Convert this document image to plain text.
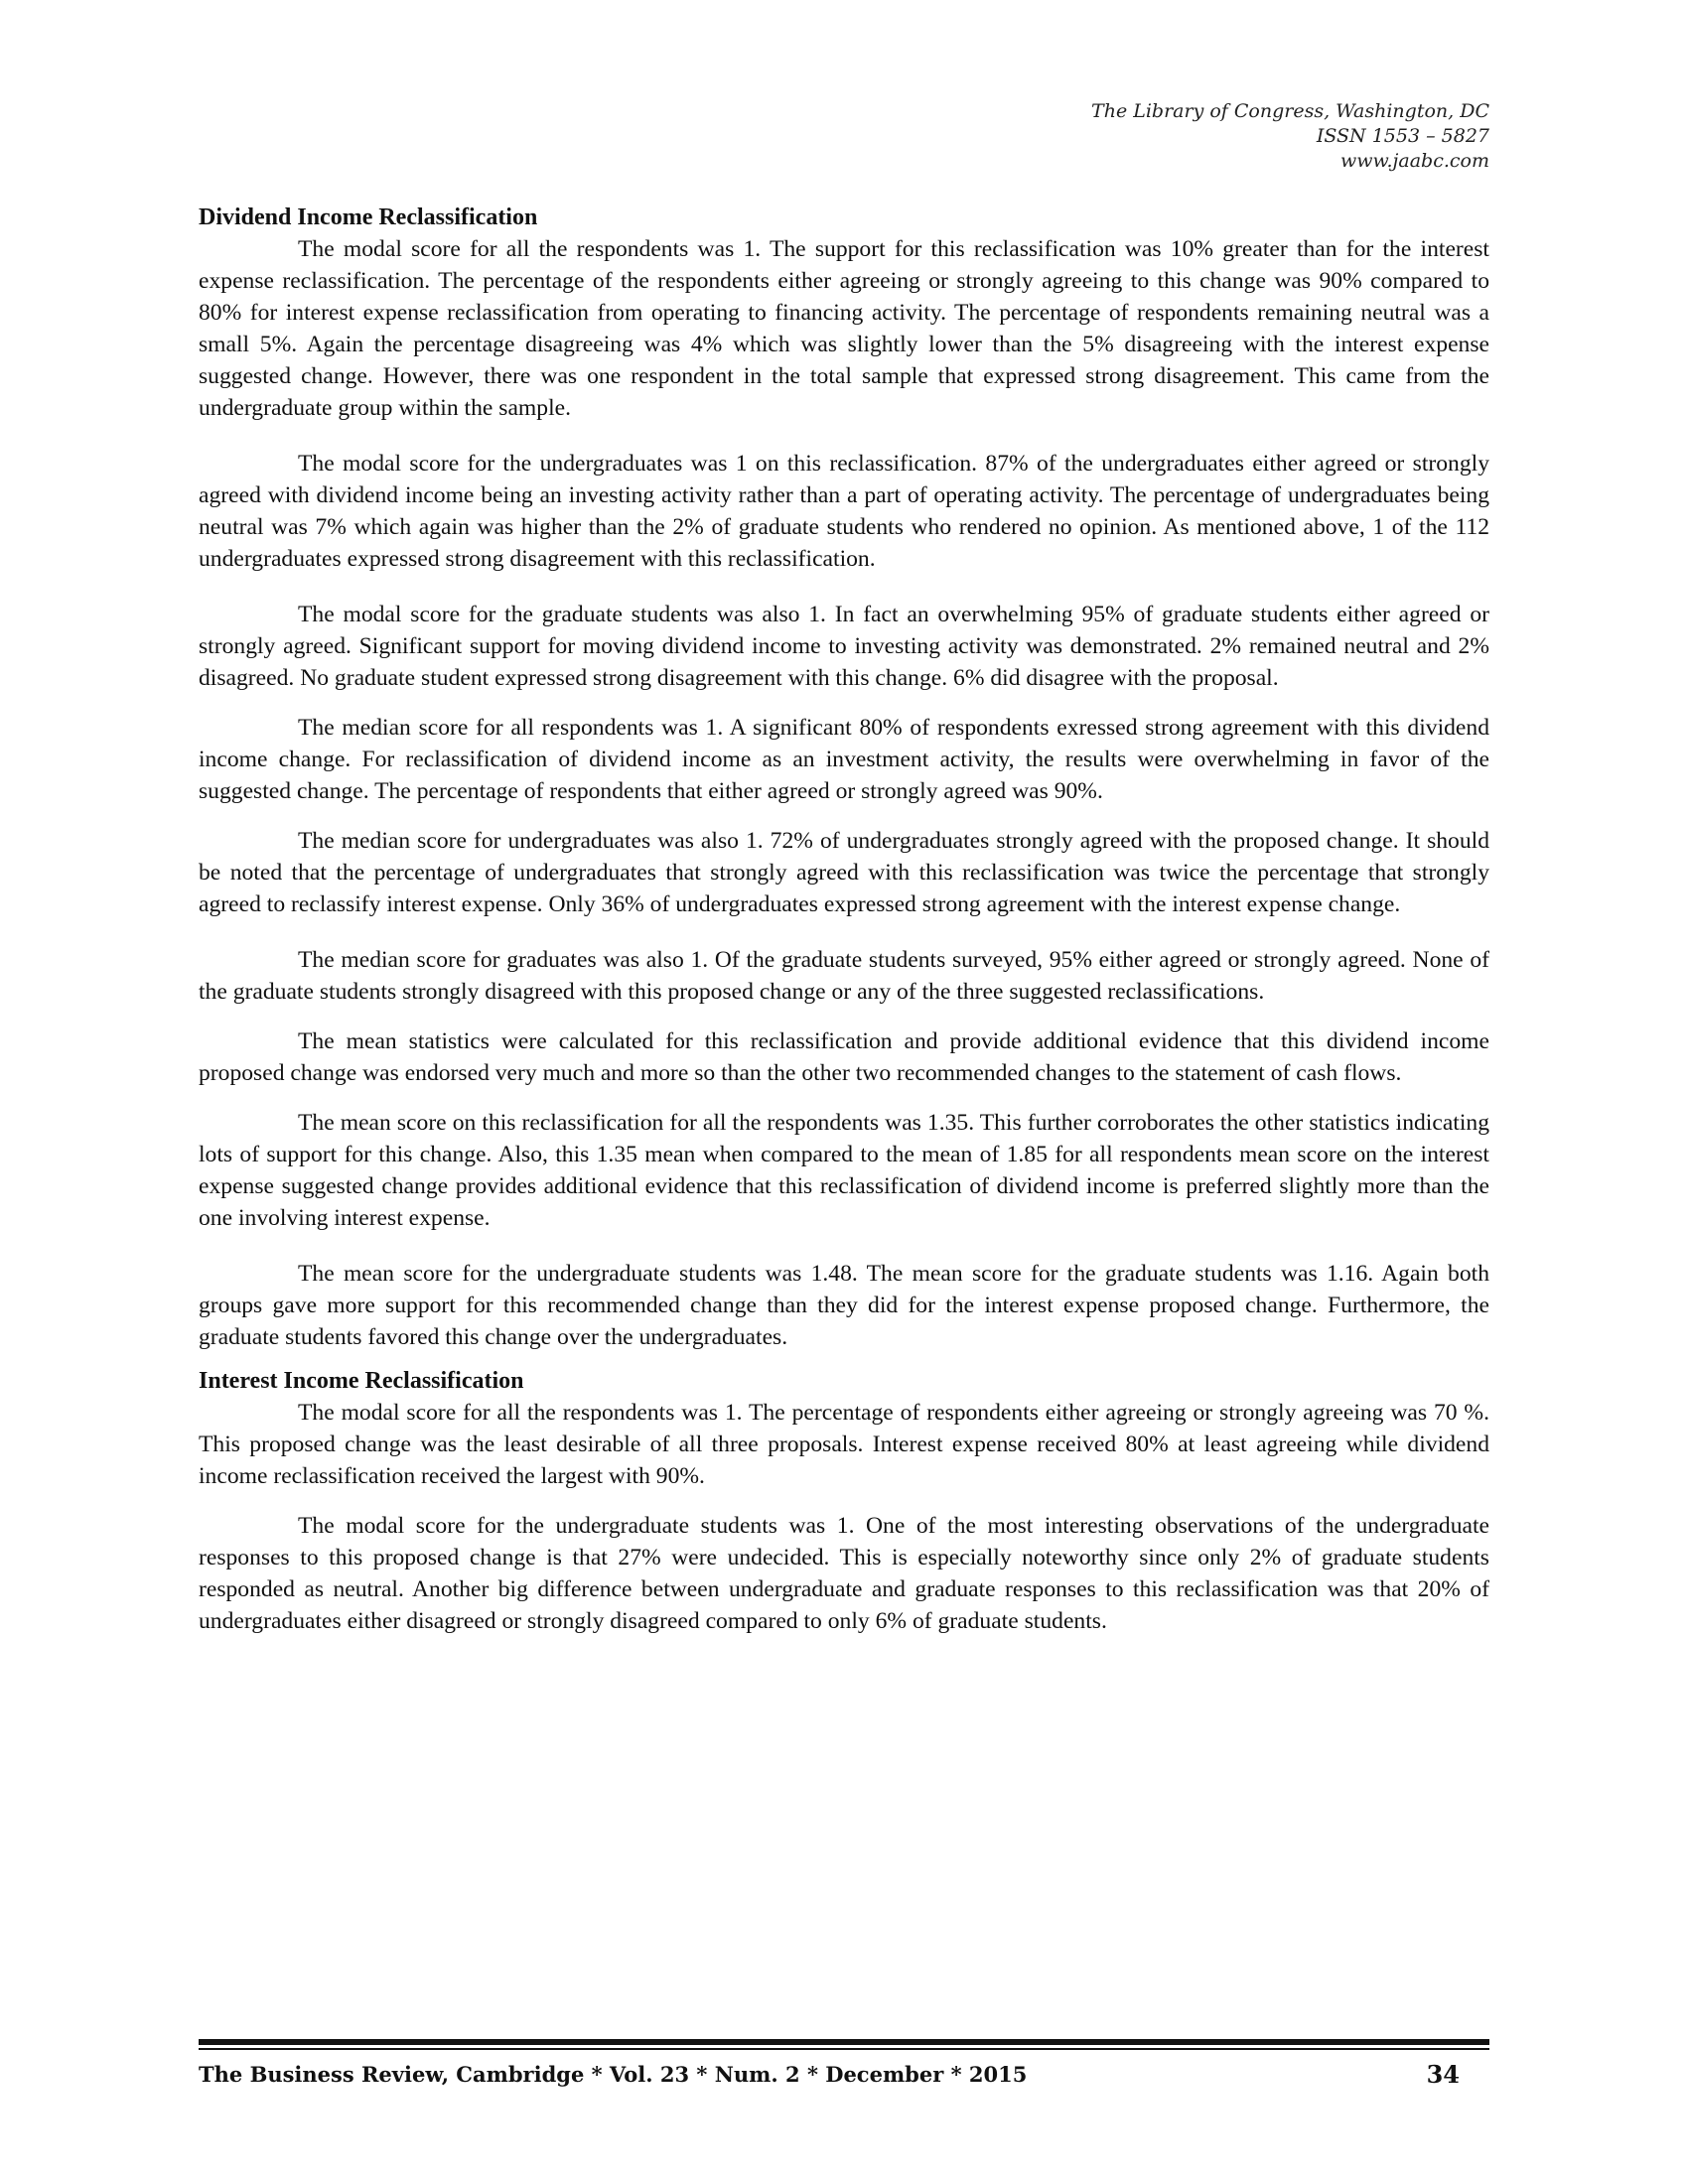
The Library of Congress, Washington, DC
ISSN 1553 – 5827
www.jaabc.com
Dividend Income Reclassification

The modal score for all the respondents was 1. The support for this reclassification was 10% greater than for the interest expense reclassification. The percentage of the respondents either agreeing or strongly agreeing to this change was 90% compared to 80% for interest expense reclassification from operating to financing activity. The percentage of respondents remaining neutral was a small 5%. Again the percentage disagreeing was 4% which was slightly lower than the 5% disagreeing with the interest expense suggested change. However, there was one respondent in the total sample that expressed strong disagreement. This came from the undergraduate group within the sample.

The modal score for the undergraduates was 1 on this reclassification. 87% of the undergraduates either agreed or strongly agreed with dividend income being an investing activity rather than a part of operating activity. The percentage of undergraduates being neutral was 7% which again was higher than the 2% of graduate students who rendered no opinion. As mentioned above, 1 of the 112 undergraduates expressed strong disagreement with this reclassification.

The modal score for the graduate students was also 1. In fact an overwhelming 95% of graduate students either agreed or strongly agreed. Significant support for moving dividend income to investing activity was demonstrated. 2% remained neutral and 2% disagreed. No graduate student expressed strong disagreement with this change. 6% did disagree with the proposal.

The median score for all respondents was 1. A significant 80% of respondents exressed strong agreement with this dividend income change. For reclassification of dividend income as an investment activity, the results were overwhelming in favor of the suggested change. The percentage of respondents that either agreed or strongly agreed was 90%.

The median score for undergraduates was also 1. 72% of undergraduates strongly agreed with the proposed change. It should be noted that the percentage of undergraduates that strongly agreed with this reclassification was twice the percentage that strongly agreed to reclassify interest expense. Only 36% of undergraduates expressed strong agreement with the interest expense change.

The median score for graduates was also 1. Of the graduate students surveyed, 95% either agreed or strongly agreed. None of the graduate students strongly disagreed with this proposed change or any of the three suggested reclassifications.

The mean statistics were calculated for this reclassification and provide additional evidence that this dividend income proposed change was endorsed very much and more so than the other two recommended changes to the statement of cash flows.

The mean score on this reclassification for all the respondents was 1.35. This further corroborates the other statistics indicating lots of support for this change. Also, this 1.35 mean when compared to the mean of 1.85 for all respondents mean score on the interest expense suggested change provides additional evidence that this reclassification of dividend income is preferred slightly more than the one involving interest expense.

The mean score for the undergraduate students was 1.48. The mean score for the graduate students was 1.16. Again both groups gave more support for this recommended change than they did for the interest expense proposed change. Furthermore, the graduate students favored this change over the undergraduates.

Interest Income Reclassification

The modal score for all the respondents was 1. The percentage of respondents either agreeing or strongly agreeing was 70 %. This proposed change was the least desirable of all three proposals. Interest expense received 80% at least agreeing while dividend income reclassification received the largest with 90%.

The modal score for the undergraduate students was 1. One of the most interesting observations of the undergraduate responses to this proposed change is that 27% were undecided. This is especially noteworthy since only 2% of graduate students responded as neutral. Another big difference between undergraduate and graduate responses to this reclassification was that 20% of undergraduates either disagreed or strongly disagreed compared to only 6% of graduate students.

The Business Review, Cambridge * Vol. 23 * Num. 2 * December * 2015	34
